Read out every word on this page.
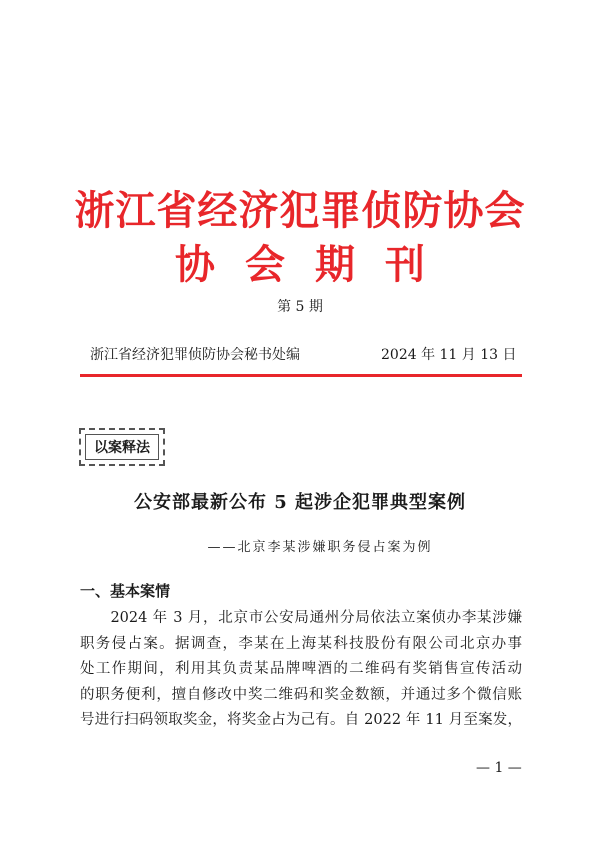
浙江省经济犯罪侦防协会
协会期刊
第 5 期
浙江省经济犯罪侦防协会秘书处编	2024 年 11 月 13 日
以案释法
公安部最新公布 5 起涉企犯罪典型案例
——北京李某涉嫌职务侵占案为例
一、基本案情
　　2024 年 3 月，北京市公安局通州分局依法立案侦办李某涉嫌
职务侵占案。据调查，李某在上海某科技股份有限公司北京办事
处工作期间，利用其负责某品牌啤酒的二维码有奖销售宣传活动
的职务便利，擅自修改中奖二维码和奖金数额，并通过多个微信账
号进行扫码领取奖金，将奖金占为己有。自 2022 年 11 月至案发，
— 1 —
